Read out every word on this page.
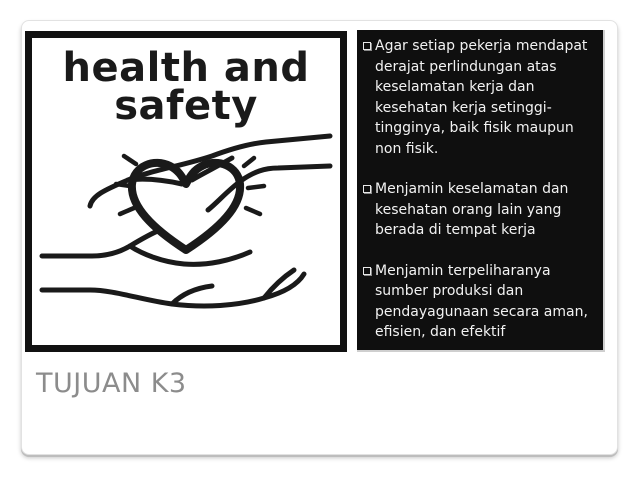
health and
safety
Agar setiap pekerja mendapat derajat perlindungan atas keselamatan kerja dan kesehatan kerja setinggi-tingginya, baik fisik maupun non fisik.
Menjamin keselamatan dan kesehatan orang lain yang berada di tempat kerja
Menjamin terpeliharanya sumber produksi dan pendayagunaan secara aman, efisien, dan efektif
TUJUAN K3
